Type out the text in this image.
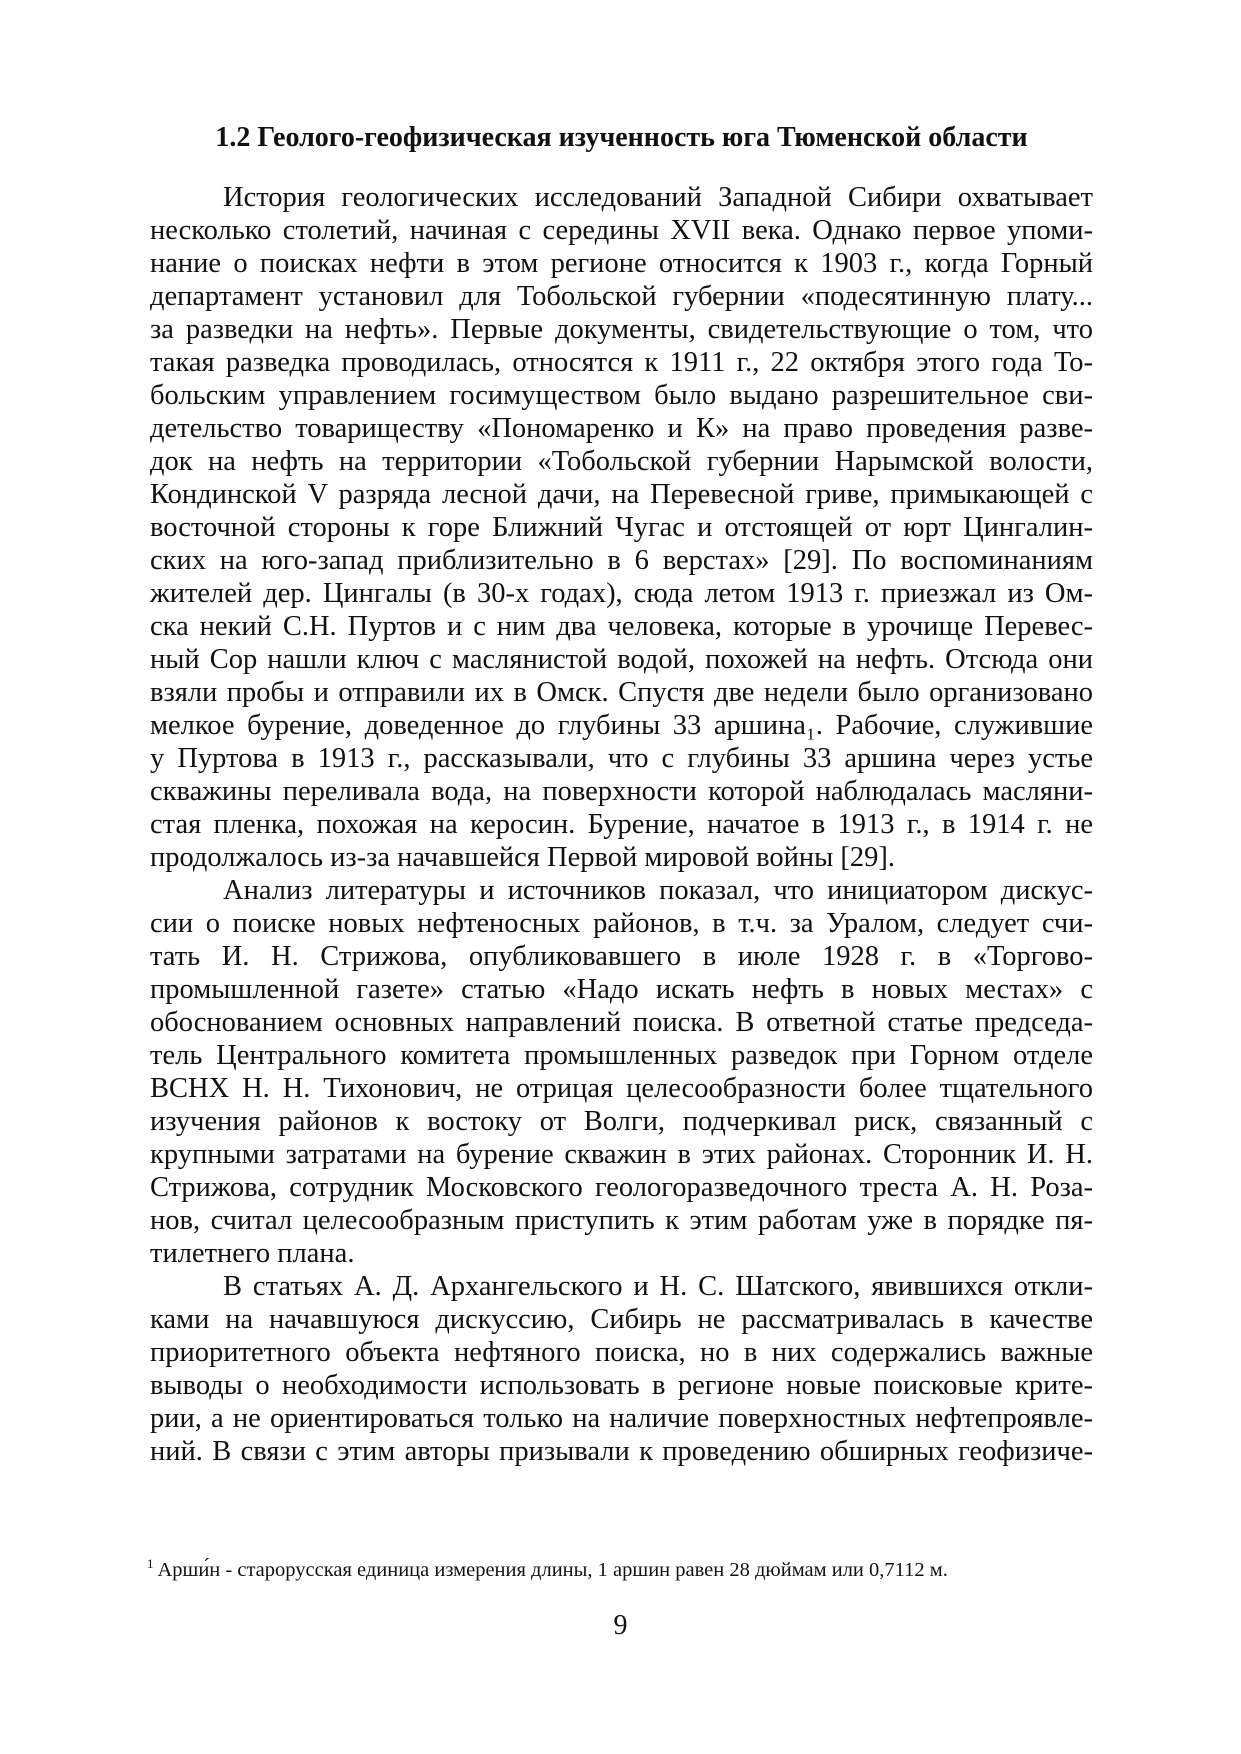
1.2 Геолого-геофизическая изученность юга Тюменской области
История геологических исследований Западной Сибири охватывает
несколько столетий, начиная с середины XVII века. Однако первое упоми-
нание о поисках нефти в этом регионе относится к 1903 г., когда Горный
департамент установил для Тобольской губернии «подесятинную плату...
за разведки на нефть». Первые документы, свидетельствующие о том, что
такая разведка проводилась, относятся к 1911 г., 22 октября этого года То-
больским управлением госимуществом было выдано разрешительное сви-
детельство товариществу «Пономаренко и К» на право проведения разве-
док на нефть на территории «Тобольской губернии Нарымской волости,
Кондинской V разряда лесной дачи, на Перевесной гриве, примыкающей с
восточной стороны к горе Ближний Чугас и отстоящей от юрт Цингалин-
ских на юго-запад приблизительно в 6 верстах» [29]. По воспоминаниям
жителей дер. Цингалы (в 30-х годах), сюда летом 1913 г. приезжал из Ом-
ска некий С.Н. Пуртов и с ним два человека, которые в урочище Перевес-
ный Сор нашли ключ с маслянистой водой, похожей на нефть. Отсюда они
взяли пробы и отправили их в Омск. Спустя две недели было организовано
мелкое бурение, доведенное до глубины 33 аршина₁. Рабочие, служившие
у Пуртова в 1913 г., рассказывали, что с глубины 33 аршина через устье
скважины переливала вода, на поверхности которой наблюдалась масляни-
стая пленка, похожая на керосин. Бурение, начатое в 1913 г., в 1914 г. не
продолжалось из-за начавшейся Первой мировой войны [29].
Анализ литературы и источников показал, что инициатором дискус-
сии о поиске новых нефтеносных районов, в т.ч. за Уралом, следует счи-
тать И. Н. Стрижова, опубликовавшего в июле 1928 г. в «Торгово-
промышленной газете» статью «Надо искать нефть в новых местах» с
обоснованием основных направлений поиска. В ответной статье председа-
тель Центрального комитета промышленных разведок при Горном отделе
ВСНХ Н. Н. Тихонович, не отрицая целесообразности более тщательного
изучения районов к востоку от Волги, подчеркивал риск, связанный с
крупными затратами на бурение скважин в этих районах. Сторонник И. Н.
Стрижова, сотрудник Московского геологоразведочного треста А. Н. Роза-
нов, считал целесообразным приступить к этим работам уже в порядке пя-
тилетнего плана.
В статьях А. Д. Архангельского и Н. С. Шатского, явившихся откли-
ками на начавшуюся дискуссию, Сибирь не рассматривалась в качестве
приоритетного объекта нефтяного поиска, но в них содержались важные
выводы о необходимости использовать в регионе новые поисковые крите-
рии, а не ориентироваться только на наличие поверхностных нефтепроявле-
ний. В связи с этим авторы призывали к проведению обширных геофизиче-
$^1$ Арши́н - старорусская единица измерения длины, 1 аршин равен 28 дюймам или 0,7112 м.
9
